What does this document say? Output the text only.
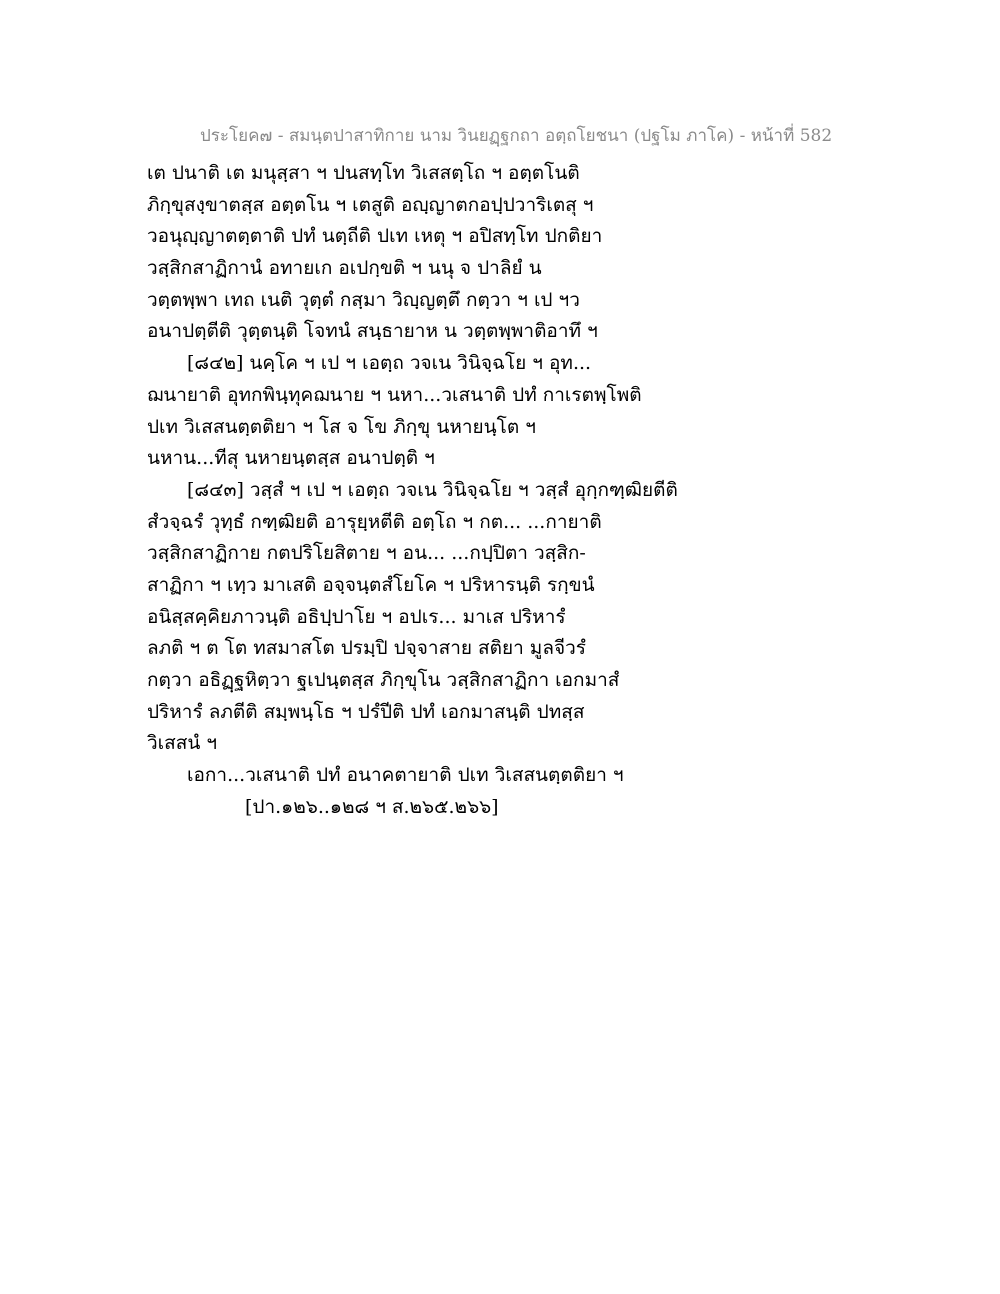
ประโยค๗ - สมนฺตปาสาทิกาย นาม วินยฏฺฐกถา อตฺถโยชนา (ปฐโม ภาโค) - หน้าที่ 582
เต ปนาติ เต มนุสฺสา ฯ ปนสทฺโท วิเสสตฺโถ ฯ อตฺตโนติ
ภิกฺขุสงฺขาตสฺส อตฺตโน ฯ เตสูติ อญฺญาตกอปฺปวาริเตสุ ฯ
วอนุญฺญาตตฺตาติ ปทํ นตฺถีติ ปเท เหตุ ฯ อปิสทฺโท ปกติยา
วสฺสิกสาฏิกานํ อทายเก อเปกฺขติ ฯ นนุ จ ปาลิยํ น
วตฺตพฺพา เทถ เนติ วุตฺตํ กสฺมา วิญฺญตฺตึ กตฺวา ฯ เป ฯว
อนาปตฺตีติ วุตฺตนฺติ โจทนํ สนฺธายาห น วตฺตพฺพาติอาทึ ฯ
[๘๔๒] นคฺโค ฯ เป ฯ เอตฺถ วจเน วินิจฺฉโย ฯ อุท...
ฌนายาติ อุทกพินฺทุคฌนาย ฯ นหา...วเสนาติ ปทํ กาเรตพฺโพติ
ปเท วิเสสนตฺตติยา ฯ โส จ โข ภิกฺขุ นหายนฺโต ฯ
นหาน...ทีสุ นหายนฺตสฺส อนาปตฺติ ฯ
[๘๔๓] วสฺสํ ฯ เป ฯ เอตฺถ วจเน วินิจฺฉโย ฯ วสฺสํ อุกฺกฑฺฒิยตีติ
สํวจฺฉรํ วุทฺธํ กฑฺฒิยติ อารุยฺหตีติ อตฺโถ ฯ กต... ...กายาติ
วสฺสิกสาฏิกาย กตปริโยสิตาย ฯ อน... ...กปฺปิตา วสฺสิก-
สาฏิกา ฯ เทฺว มาเสติ อจฺจนฺตสํโยโค ฯ ปริหารนฺติ รกฺขนํ
อนิสฺสคฺคิยภาวนฺติ อธิปฺปาโย ฯ อปเร... มาเส ปริหารํ
ลภติ ฯ ต โต ทสมาสโต ปรมฺปิ ปจฺจาสาย สติยา มูลจีวรํ
กตฺวา อธิฏฺฐหิตฺวา ฐเปนฺตสฺส ภิกฺขุโน วสฺสิกสาฏิกา เอกมาสํ
ปริหารํ ลภตีติ สมฺพนฺโธ ฯ ปรํปีติ ปทํ เอกมาสนฺติ ปทสฺส
วิเสสนํ ฯ
เอกา...วเสนาติ ปทํ อนาคตายาติ ปเท วิเสสนตฺตติยา ฯ
[ปา.๑๒๖..๑๒๘ ฯ ส.๒๖๕.๒๖๖]
